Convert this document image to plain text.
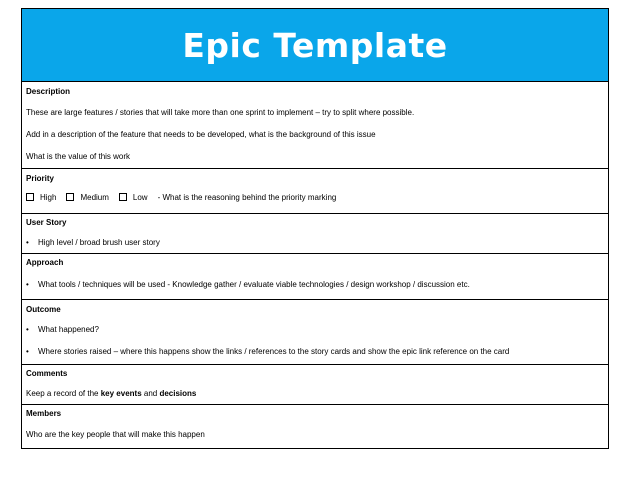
Epic Template
Description
These are large features / stories that will take more than one sprint to implement – try to split where possible.
Add in a description of the feature that needs to be developed, what is the background of this issue
What is the value of this work
Priority
High	Medium	Low - What is the reasoning behind the priority marking
User Story
• High level / broad brush user story
Approach
• What tools / techniques will be used - Knowledge gather / evaluate viable technologies / design workshop / discussion etc.
Outcome
• What happened?
• Where stories raised – where this happens show the links / references to the story cards and show the epic link reference on the card
Comments
Keep a record of the key events and decisions
Members
Who are the key people that will make this happen
